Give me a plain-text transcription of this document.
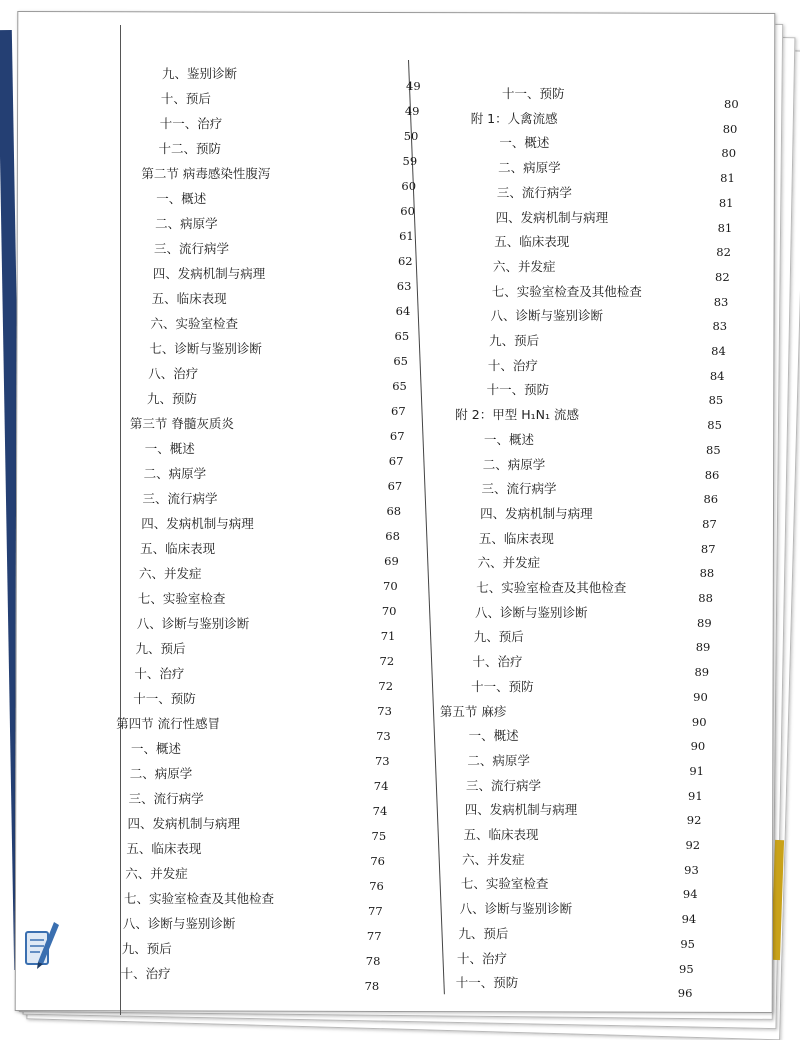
九、鉴别诊断
49
十、预后
49
十一、治疗
50
十二、预防
59
第二节 病毒感染性腹泻
60
一、概述
60
二、病原学
61
三、流行病学
62
四、发病机制与病理
63
五、临床表现
64
六、实验室检查
65
七、诊断与鉴别诊断
65
八、治疗
65
九、预防
67
第三节 脊髓灰质炎
67
一、概述
67
二、病原学
67
三、流行病学
68
四、发病机制与病理
68
五、临床表现
69
六、并发症
70
七、实验室检查
70
八、诊断与鉴别诊断
71
九、预后
72
十、治疗
72
十一、预防
73
第四节 流行性感冒
73
一、概述
73
二、病原学
74
三、流行病学
74
四、发病机制与病理
75
五、临床表现
76
六、并发症
76
七、实验室检查及其他检查
77
八、诊断与鉴别诊断
77
九、预后
78
十、治疗
78
十一、预防
80
附 1：人禽流感
80
一、概述
80
二、病原学
81
三、流行病学
81
四、发病机制与病理
81
五、临床表现
82
六、并发症
82
七、实验室检查及其他检查
83
八、诊断与鉴别诊断
83
九、预后
84
十、治疗
84
十一、预防
85
附 2：甲型 H₁N₁ 流感
85
一、概述
85
二、病原学
86
三、流行病学
86
四、发病机制与病理
87
五、临床表现
87
六、并发症
88
七、实验室检查及其他检查
88
八、诊断与鉴别诊断
89
九、预后
89
十、治疗
89
十一、预防
90
第五节 麻疹
90
一、概述
90
二、病原学
91
三、流行病学
91
四、发病机制与病理
92
五、临床表现
92
六、并发症
93
七、实验室检查
94
八、诊断与鉴别诊断
94
九、预后
95
十、治疗
95
十一、预防
96
